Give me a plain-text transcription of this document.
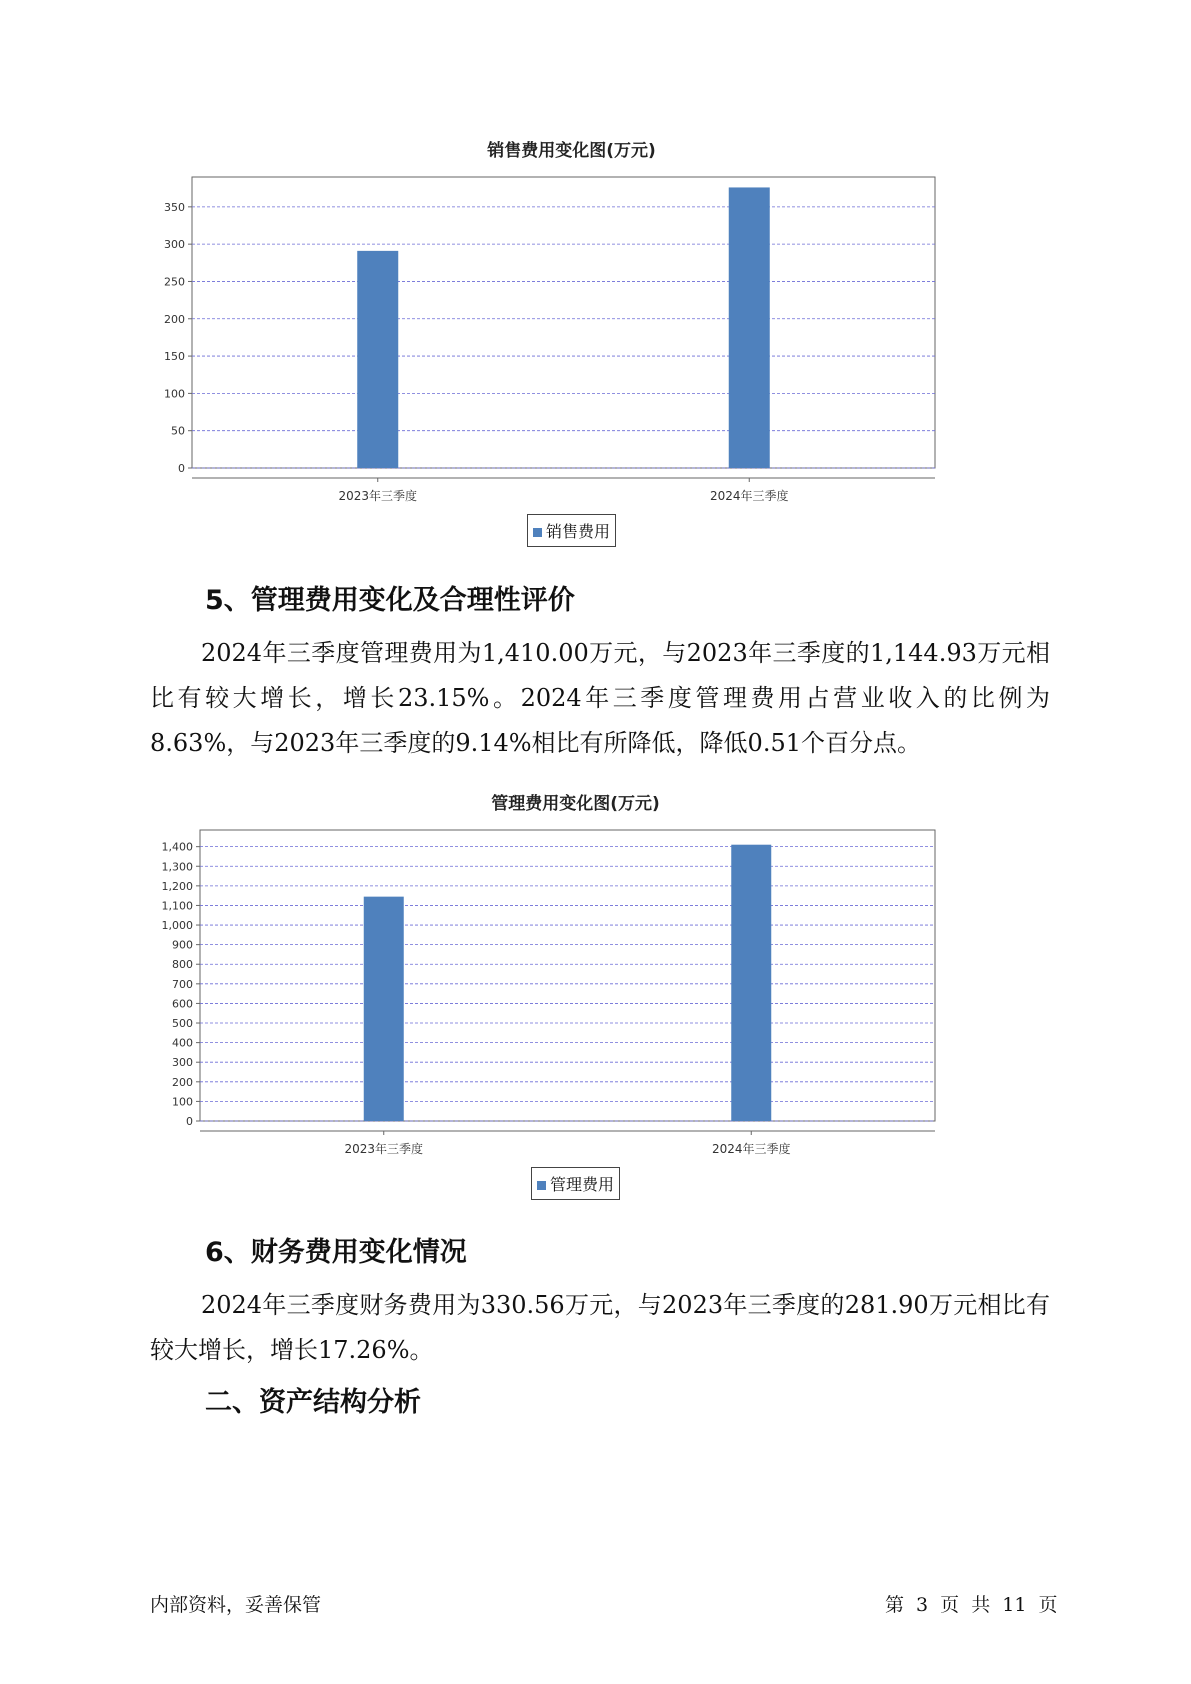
销售费用变化图(万元)
0
50
100
150
200
250
300
350
2023年三季度	2024年三季度
销售费用
5、管理费用变化及合理性评价

2024年三季度管理费用为1,410.00万元，与2023年三季度的1,144.93万元相比有较大增长，增长23.15%。2024年三季度管理费用占营业收入的比例为8.63%，与2023年三季度的9.14%相比有所降低，降低0.51个百分点。

管理费用变化图(万元)
0
100
200
300
400
500
600
700
800
900
1,000
1,100
1,200
1,300
1,400
2023年三季度	2024年三季度
管理费用
6、财务费用变化情况

2024年三季度财务费用为330.56万元，与2023年三季度的281.90万元相比有较大增长，增长17.26%。

二、资产结构分析
内部资料，妥善保管	第 3 页 共 11 页
